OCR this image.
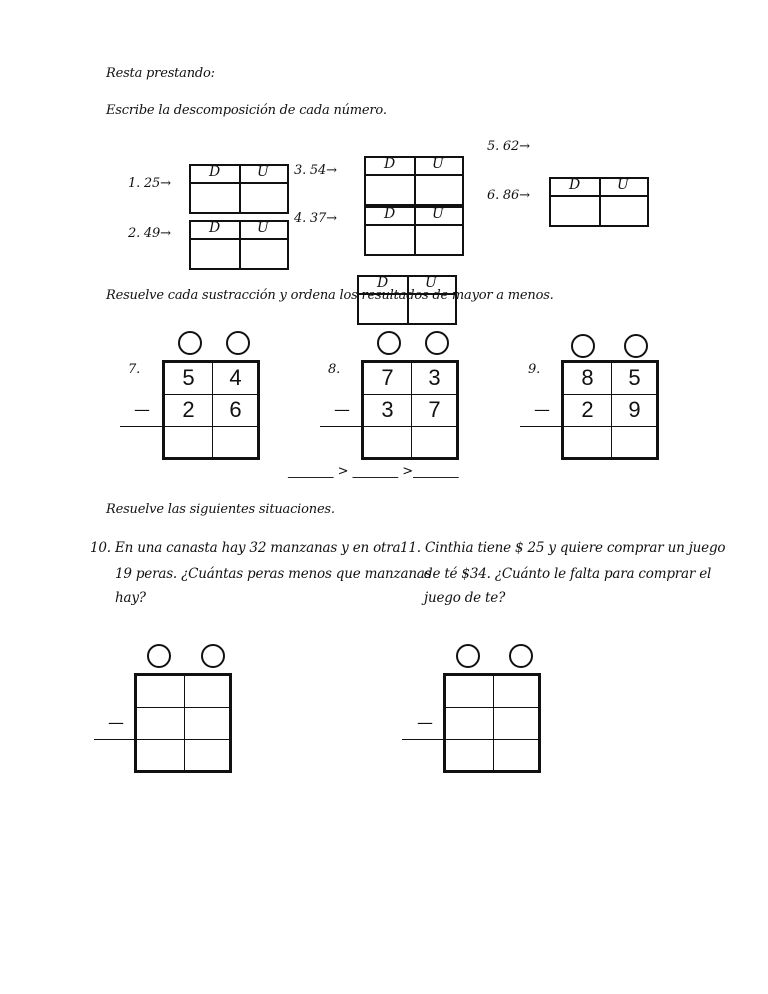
Resta prestando:
Escribe la descomposición de cada número.
1. 25→
D	U
2. 49→	D	U
3. 54→	D	U
4. 37→	D	U
5. 62→
D	U
6. 86→
D	U
Resuelve cada sustracción y ordena los resultados de mayor a menos.
7.	5	4
2	6
—
8.	7	3
3	7
—
9.	8	5
2	9
—
_______ > _______ >_______
Resuelve las siguientes situaciones.
10. En una canasta hay 32 manzanas y en otra
19 peras. ¿Cuántas peras menos que manzanas
hay?
11. Cinthia tiene $ 25 y quiere comprar un juego
de té $34. ¿Cuánto le falta para comprar el
juego de te?
—	—
